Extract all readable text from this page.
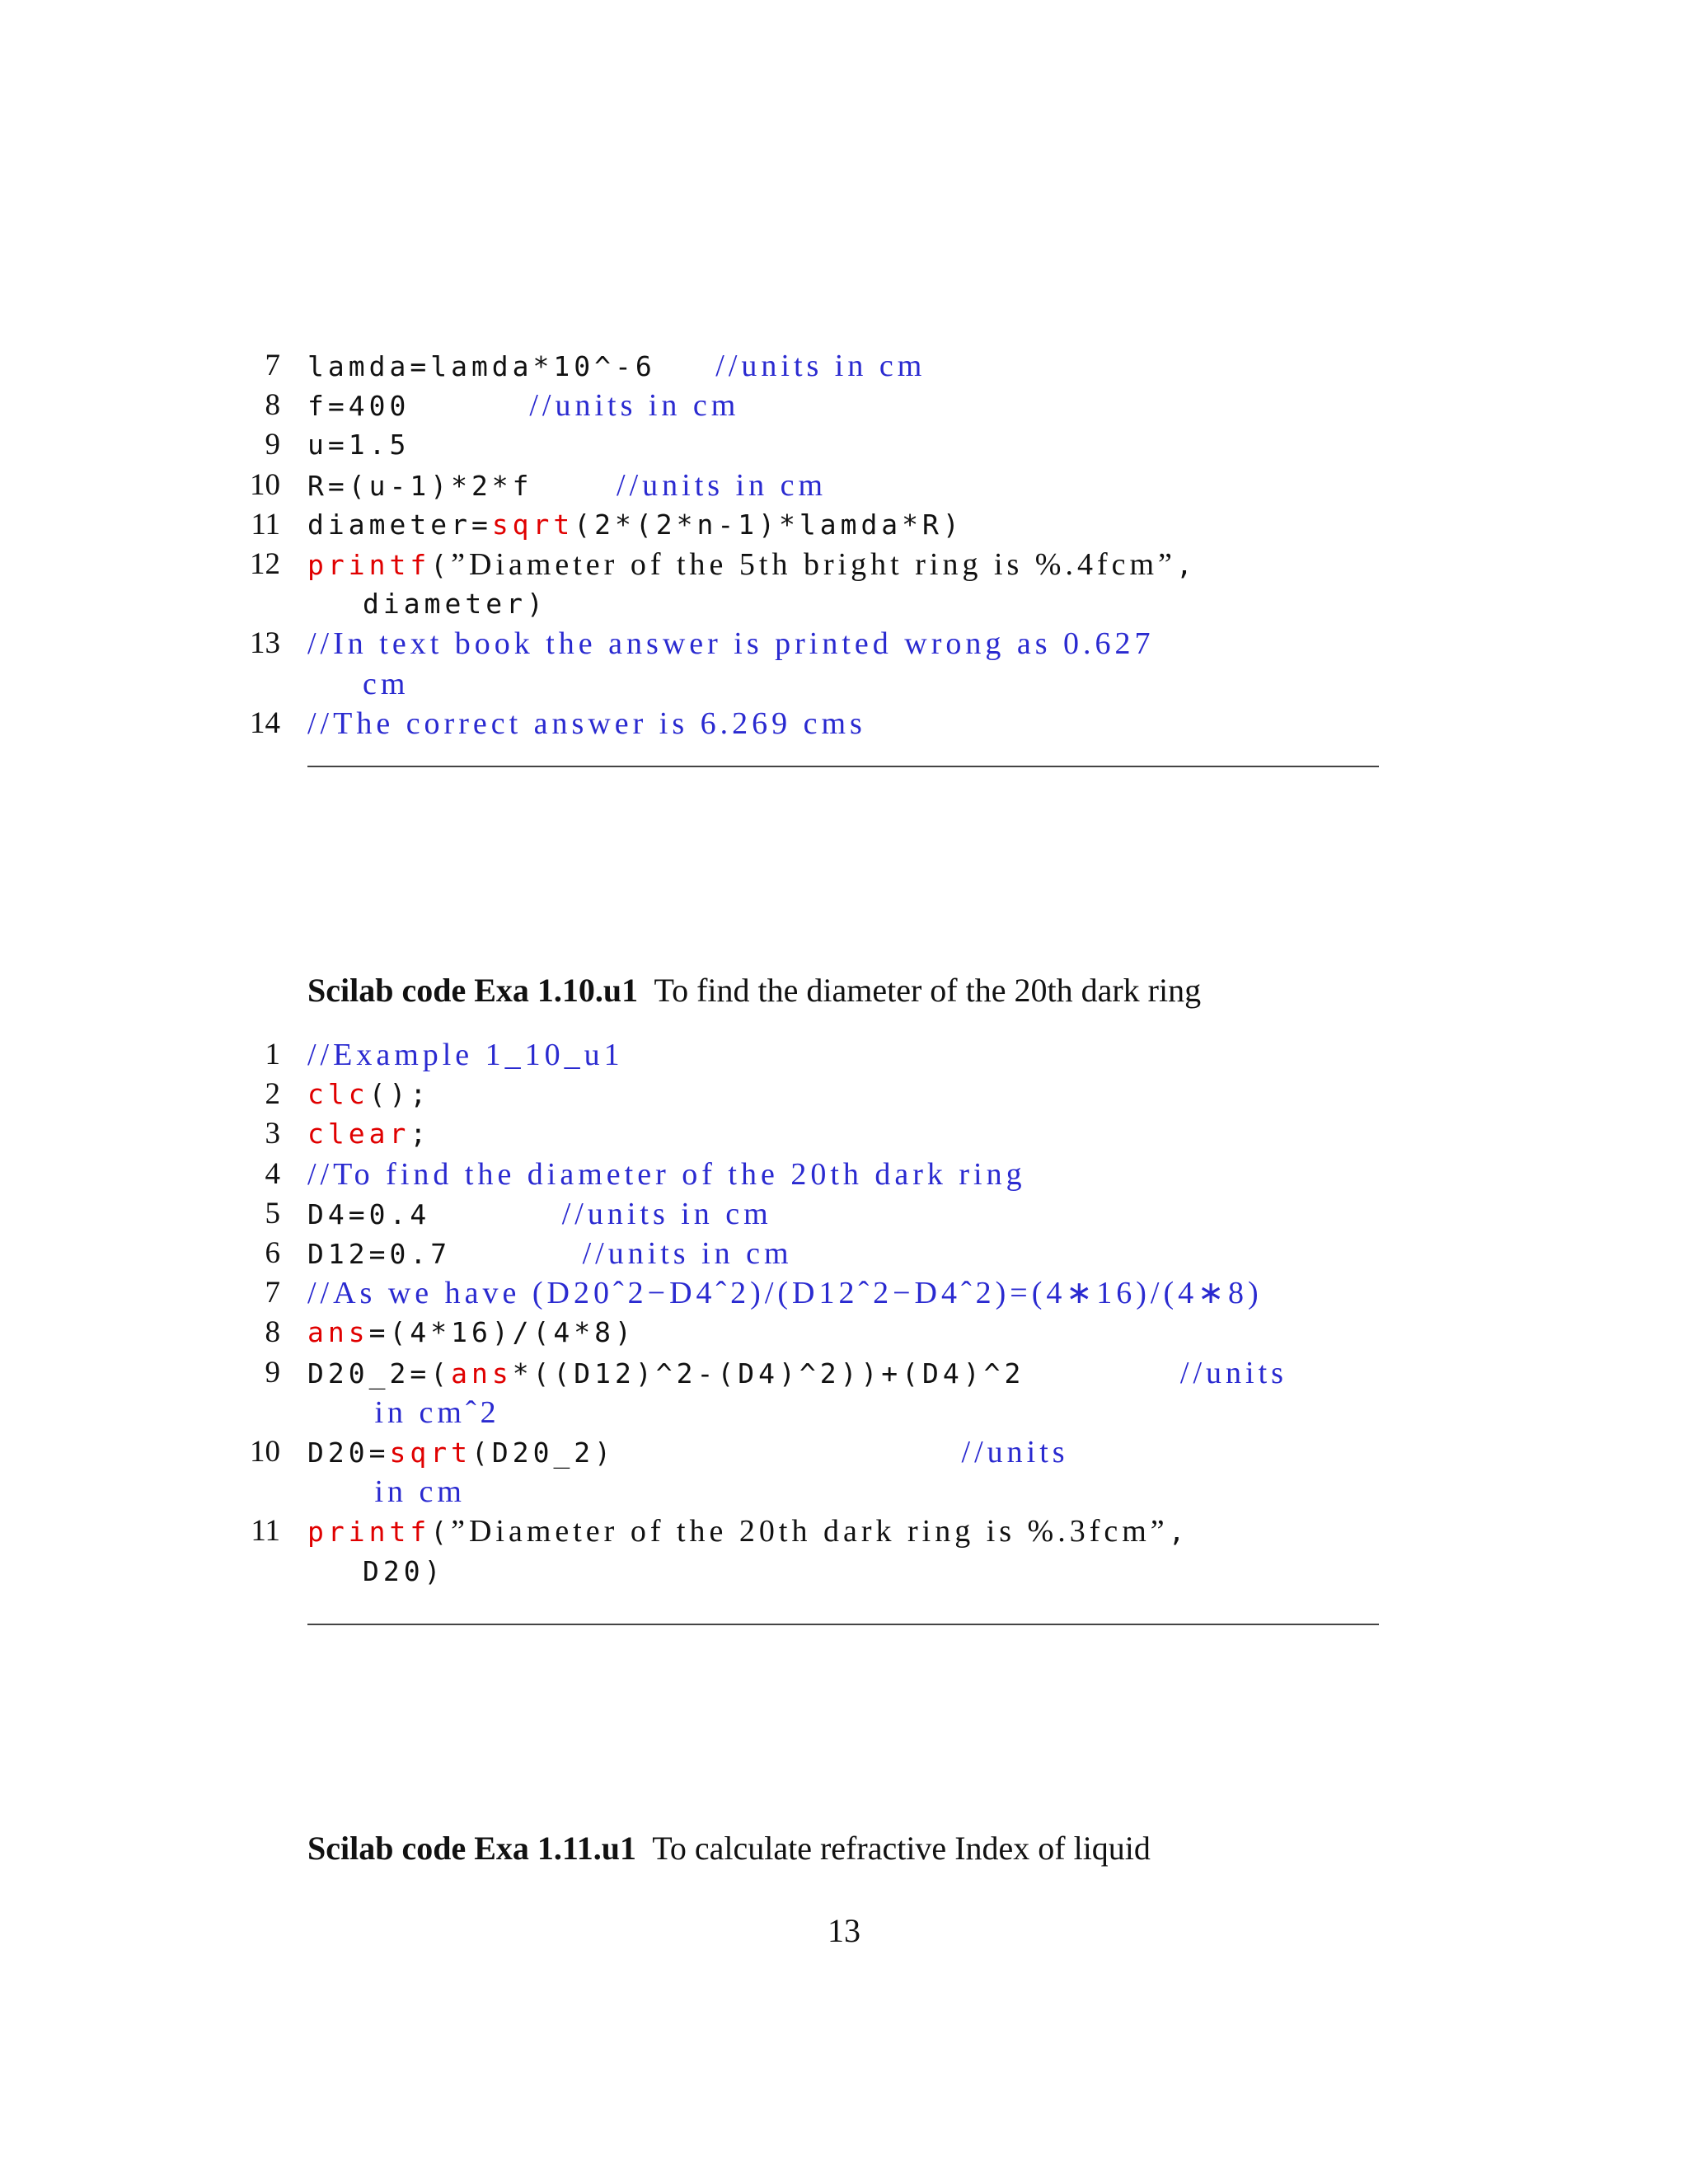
7 lamda=lamda*10^-6     //units in cm
8 f=400          //units in cm
9 u=1.5
10 R=(u-1)*2*f       //units in cm
11 diameter=sqrt(2*(2*n-1)*lamda*R)
12 printf(”Diameter of the 5th bright ring is %.4fcm”,
diameter)
13 //In text book the answer is printed wrong as 0.627
cm
14 //The correct answer is 6.269 cms
Scilab code Exa 1.10.u1 To find the diameter of the 20th dark ring
1 //Example 1_10_u1
2 clc();
3 clear;
4 //To find the diameter of the 20th dark ring
5 D4=0.4           //units in cm
6 D12=0.7           //units in cm
7 //As we have (D20ˆ2−D4ˆ2)/(D12ˆ2−D4ˆ2)=(4∗16)/(4∗8)
8 ans=(4*16)/(4*8)
9 D20_2=(ans*((D12)^2-(D4)^2))+(D4)^2             //units
in cmˆ2
10 D20=sqrt(D20_2)                             //units
in cm
11 printf(”Diameter of the 20th dark ring is %.3fcm”,
D20)
Scilab code Exa 1.11.u1 To calculate refractive Index of liquid
13
